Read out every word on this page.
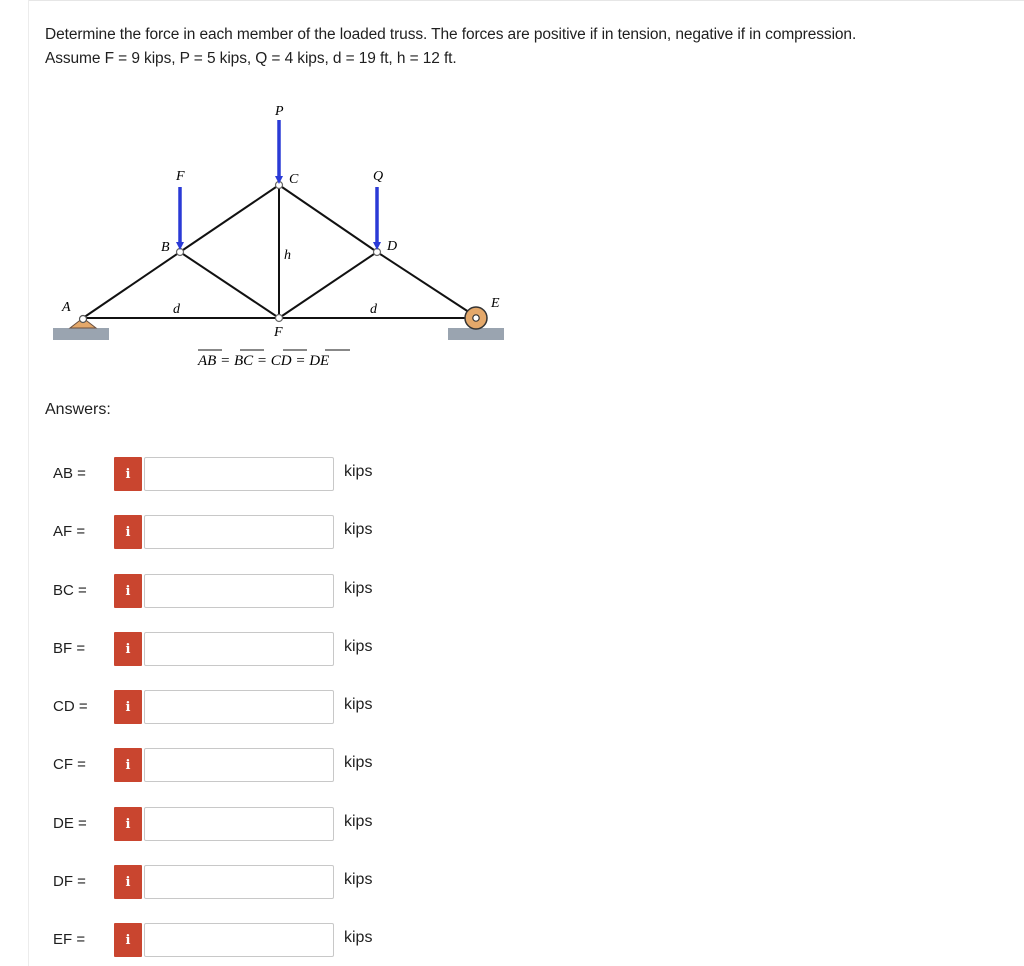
Determine the force in each member of the loaded truss. The forces are positive if in tension, negative if in compression.
Assume F = 9 kips, P = 5 kips, Q = 4 kips, d = 19 ft, h = 12 ft.
P
F	Q
A
B
C
D
E
F
h
d	d
AB = BC = CD = DE
Answers:
AB =	i	kips
AF =	i	kips
BC =	i	kips
BF =	i	kips
CD =	i	kips
CF =	i	kips
DE =	i	kips
DF =	i	kips
EF =	i	kips
